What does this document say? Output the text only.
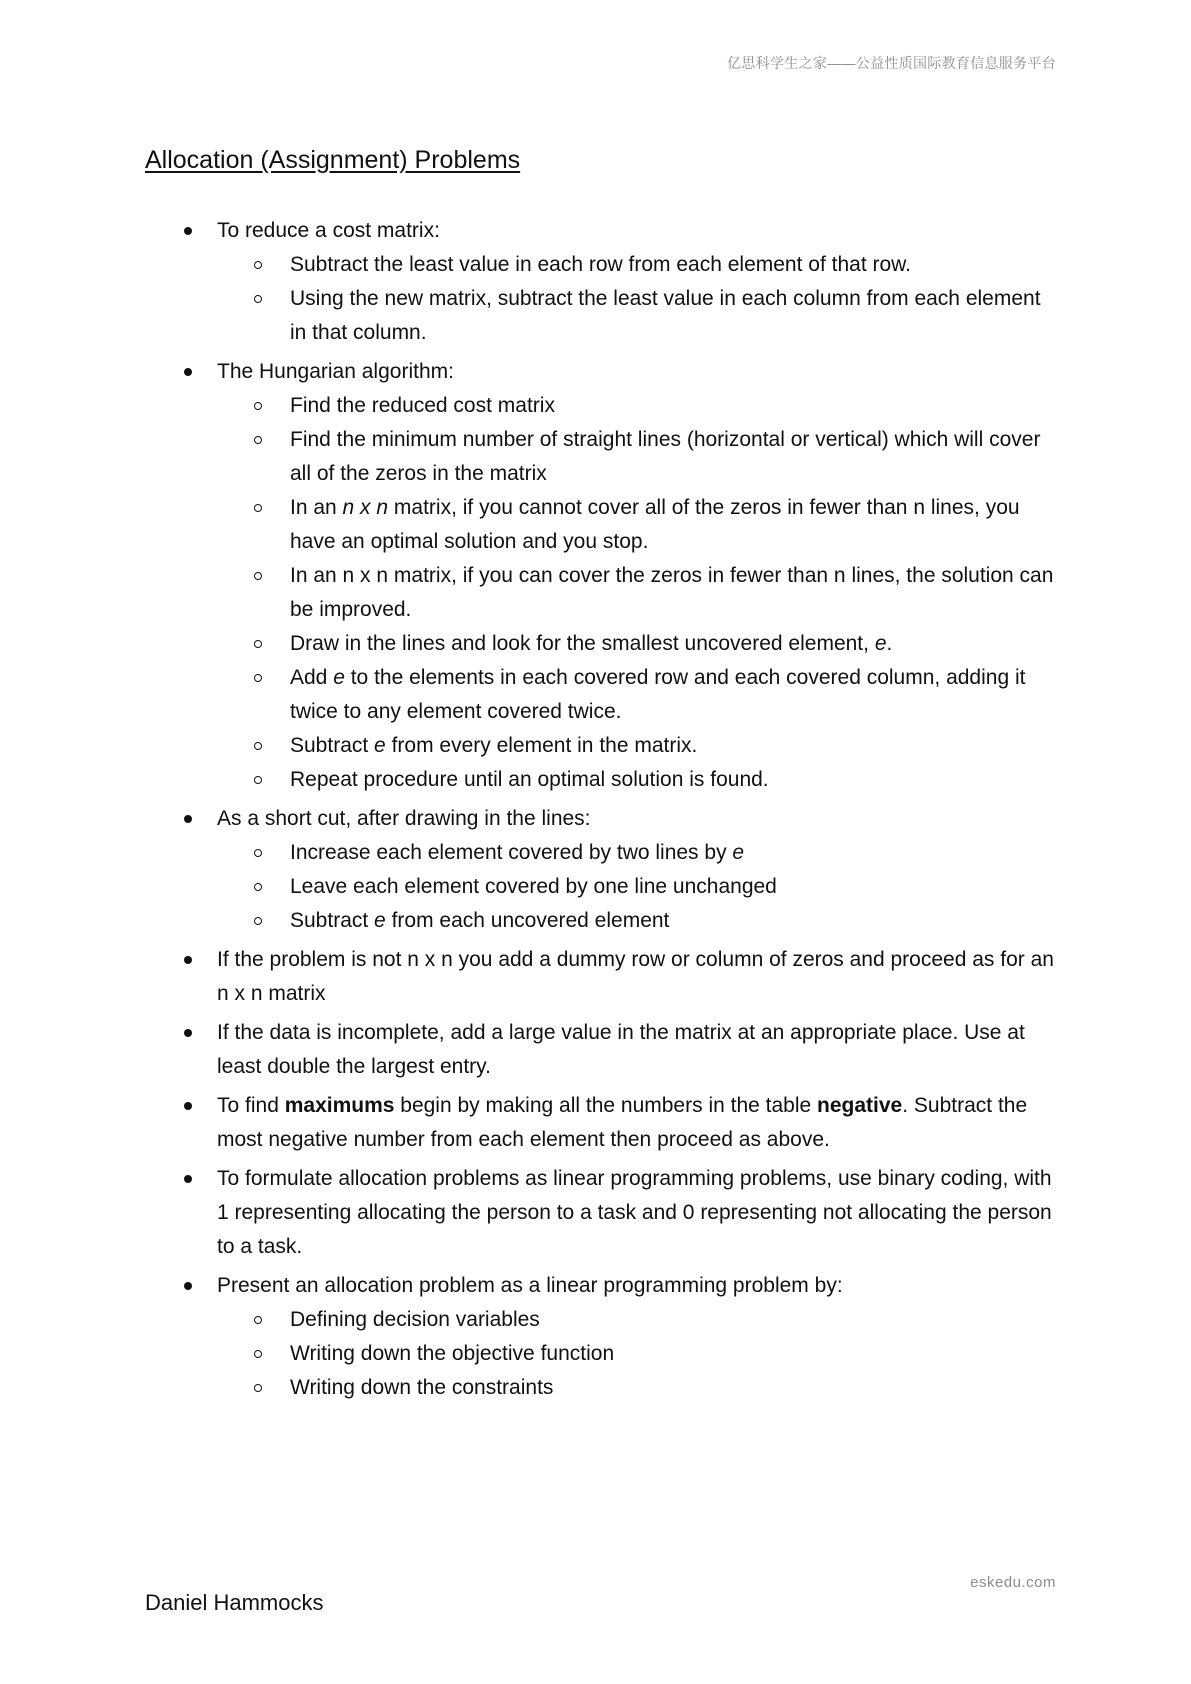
亿思科学生之家——公益性质国际教育信息服务平台
Allocation (Assignment) Problems
To reduce a cost matrix:
Subtract the least value in each row from each element of that row.
Using the new matrix, subtract the least value in each column from each element in that column.
The Hungarian algorithm:
Find the reduced cost matrix
Find the minimum number of straight lines (horizontal or vertical) which will cover all of the zeros in the matrix
In an n x n matrix, if you cannot cover all of the zeros in fewer than n lines, you have an optimal solution and you stop.
In an n x n matrix, if you can cover the zeros in fewer than n lines, the solution can be improved.
Draw in the lines and look for the smallest uncovered element, e.
Add e to the elements in each covered row and each covered column, adding it twice to any element covered twice.
Subtract e from every element in the matrix.
Repeat procedure until an optimal solution is found.
As a short cut, after drawing in the lines:
Increase each element covered by two lines by e
Leave each element covered by one line unchanged
Subtract e from each uncovered element
If the problem is not n x n you add a dummy row or column of zeros and proceed as for an n x n matrix
If the data is incomplete, add a large value in the matrix at an appropriate place. Use at least double the largest entry.
To find maximums begin by making all the numbers in the table negative. Subtract the most negative number from each element then proceed as above.
To formulate allocation problems as linear programming problems, use binary coding, with 1 representing allocating the person to a task and 0 representing not allocating the person to a task.
Present an allocation problem as a linear programming problem by:
Defining decision variables
Writing down the objective function
Writing down the constraints
eskedu.com
Daniel Hammocks
